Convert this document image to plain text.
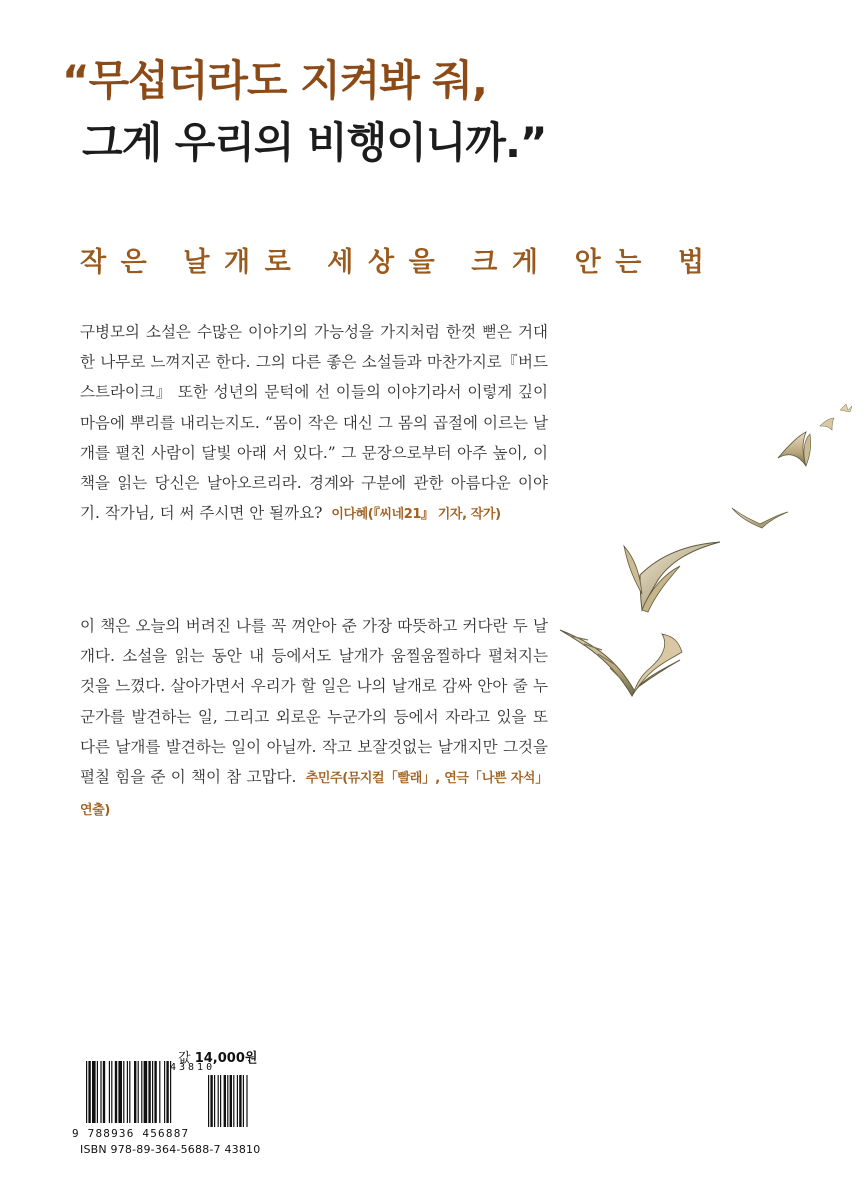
“무섭더라도 지켜봐 줘,
그게 우리의 비행이니까.”
작 은 날 개 로 세 상 을 크 게 안 는 법

구병모의 소설은 수많은 이야기의 가능성을 가지처럼 한껏 뻗은 거대한 나무로 느껴지곤 한다. 그의 다른 좋은 소설들과 마찬가지로『버드 스트라이크』 또한 성년의 문턱에 선 이들의 이야기라서 이렇게 깊이 마음에 뿌리를 내리는지도. “몸이 작은 대신 그 몸의 곱절에 이르는 날개를 펼친 사람이 달빛 아래 서 있다.” 그 문장으로부터 아주 높이, 이 책을 읽는 당신은 날아오르리라. 경계와 구분에 관한 아름다운 이야기. 작가님, 더 써 주시면 안 될까요? 이다혜(『씨네21』 기자, 작가)

이 책은 오늘의 버려진 나를 꼭 껴안아 준 가장 따뜻하고 커다란 두 날개다. 소설을 읽는 동안 내 등에서도 날개가 움찔움찔하다 펼쳐지는 것을 느꼈다. 살아가면서 우리가 할 일은 나의 날개로 감싸 안아 줄 누군가를 발견하는 일, 그리고 외로운 누군가의 등에서 자라고 있을 또 다른 날개를 발견하는 일이 아닐까. 작고 보잘것없는 날개지만 그것을 펼칠 힘을 준 이 책이 참 고맙다. 추민주(뮤지컬「빨래」, 연극「나쁜 자석」 연출)

값 14,000원
43810
9 788936 456887
ISBN 978-89-364-5688-7 43810
